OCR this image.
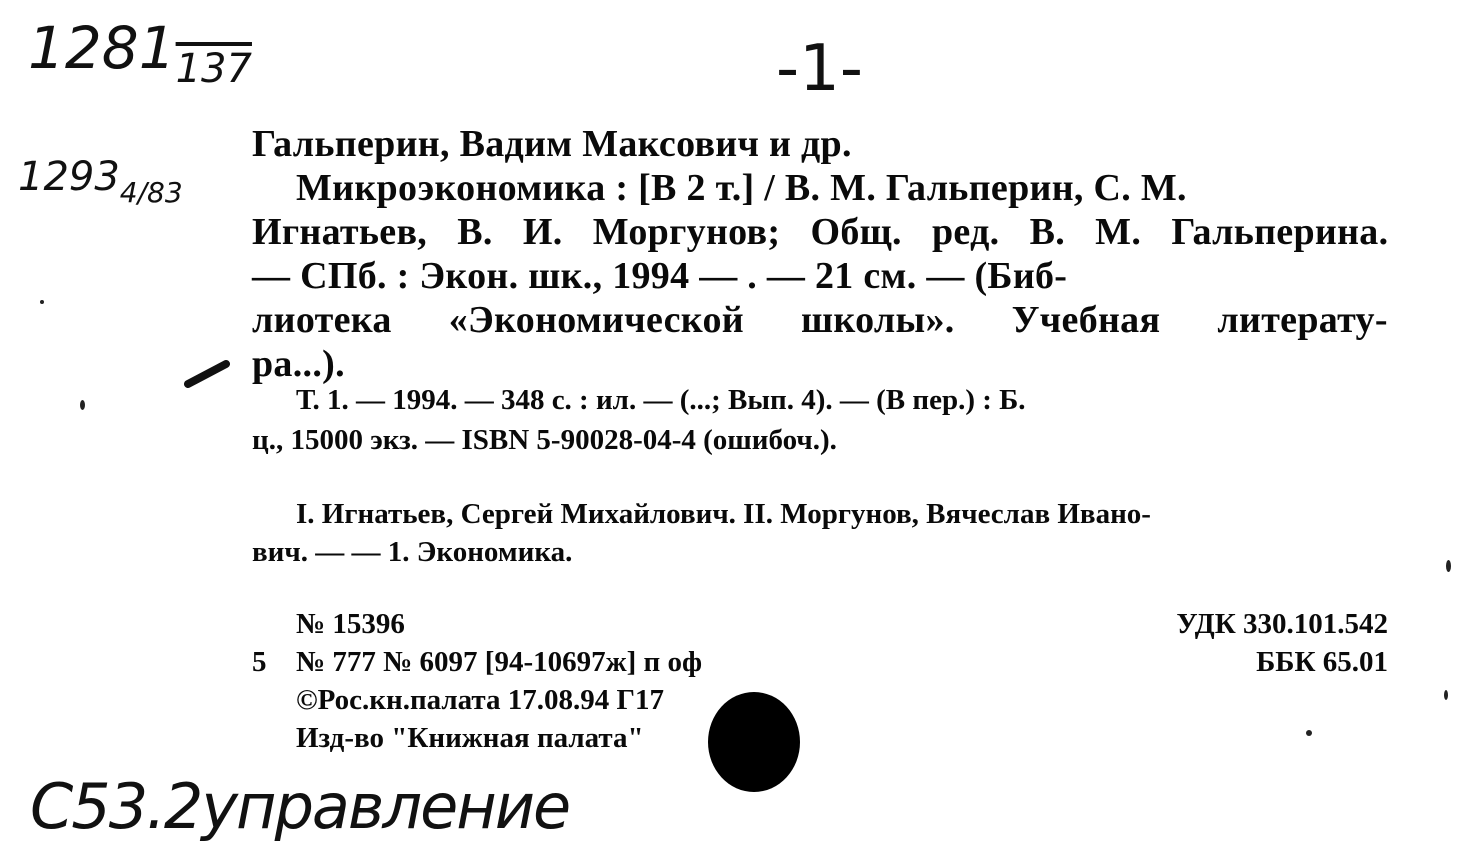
$1281_{137}$
$1293_{4/83}$
-1-
C53.2управление
Гальперин, Вадим Максович и др.
Микроэкономика : [В 2 т.] / В. М. Гальперин, С. М.
Игнатьев, В. И. Моргунов; Общ. ред. В. М. Гальперина.
— СПб. : Экон. шк., 1994 — . — 21 см. — (Биб-
лиотека «Экономической школы». Учебная литерату-
ра...).
Т. 1. — 1994. — 348 с. : ил. — (...; Вып. 4). — (В пер.) : Б.
ц., 15000 экз. — ISBN 5-90028-04-4 (ошибоч.).
I. Игнатьев, Сергей Михайлович. II. Моргунов, Вячеслав Ивано-
вич. — — 1. Экономика.
№ 15396
5 № 777 № 6097 [94-10697ж] п оф
©Рос.кн.палата 17.08.94 Г17
Изд-во "Книжная палата"
УДК 330.101.542
ББК 65.01
